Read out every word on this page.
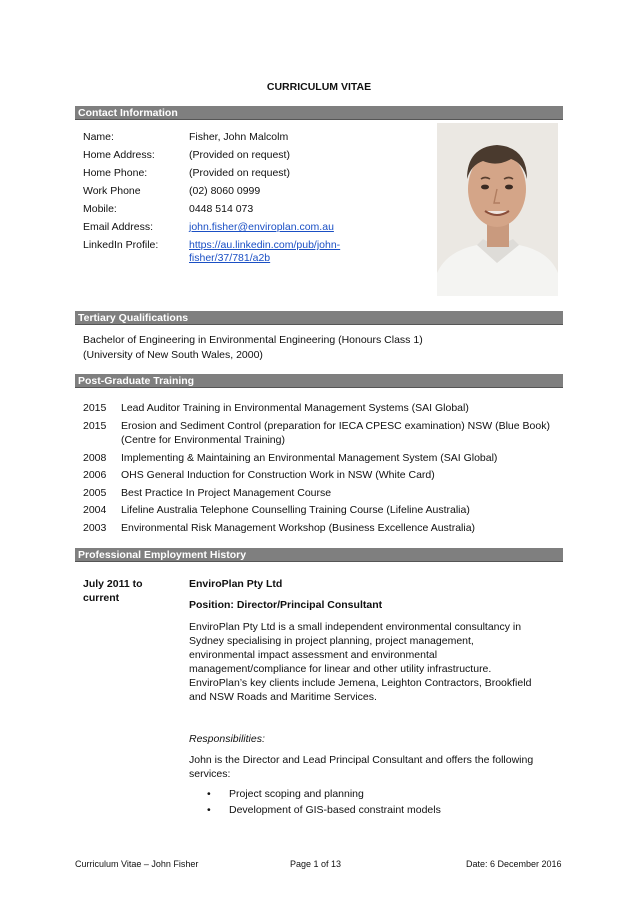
CURRICULUM VITAE
Contact Information
Name:	Fisher, John Malcolm
Home Address:	(Provided on request)
Home Phone:	(Provided on request)
Work Phone	(02) 8060 0999
Mobile:	0448 514 073
Email Address:	john.fisher@enviroplan.com.au
LinkedIn Profile:	https://au.linkedin.com/pub/john-
fisher/37/781/a2b
Tertiary Qualifications
Bachelor of Engineering in Environmental Engineering (Honours Class 1)
(University of New South Wales, 2000)
Post-Graduate Training
2015	Lead Auditor Training in Environmental Management Systems (SAI Global)
2015	Erosion and Sediment Control (preparation for IECA CPESC examination) NSW (Blue Book)
(Centre for Environmental Training)
2008	Implementing & Maintaining an Environmental Management System (SAI Global)
2006	OHS General Induction for Construction Work in NSW (White Card)
2005	Best Practice In Project Management Course
2004	Lifeline Australia Telephone Counselling Training Course (Lifeline Australia)
2003	Environmental Risk Management Workshop (Business Excellence Australia)
Professional Employment History
July 2011 to
current
EnviroPlan Pty Ltd
Position: Director/Principal Consultant
EnviroPlan Pty Ltd is a small independent environmental consultancy in
Sydney specialising in project planning, project management,
environmental impact assessment and environmental
management/compliance for linear and other utility infrastructure.
EnviroPlan’s key clients include Jemena, Leighton Contractors, Brookfield
and NSW Roads and Maritime Services.
Responsibilities:
John is the Director and Lead Principal Consultant and offers the following
services:
• Project scoping and planning
• Development of GIS-based constraint models
Curriculum Vitae – John Fisher	Page 1 of 13	Date: 6 December 2016
